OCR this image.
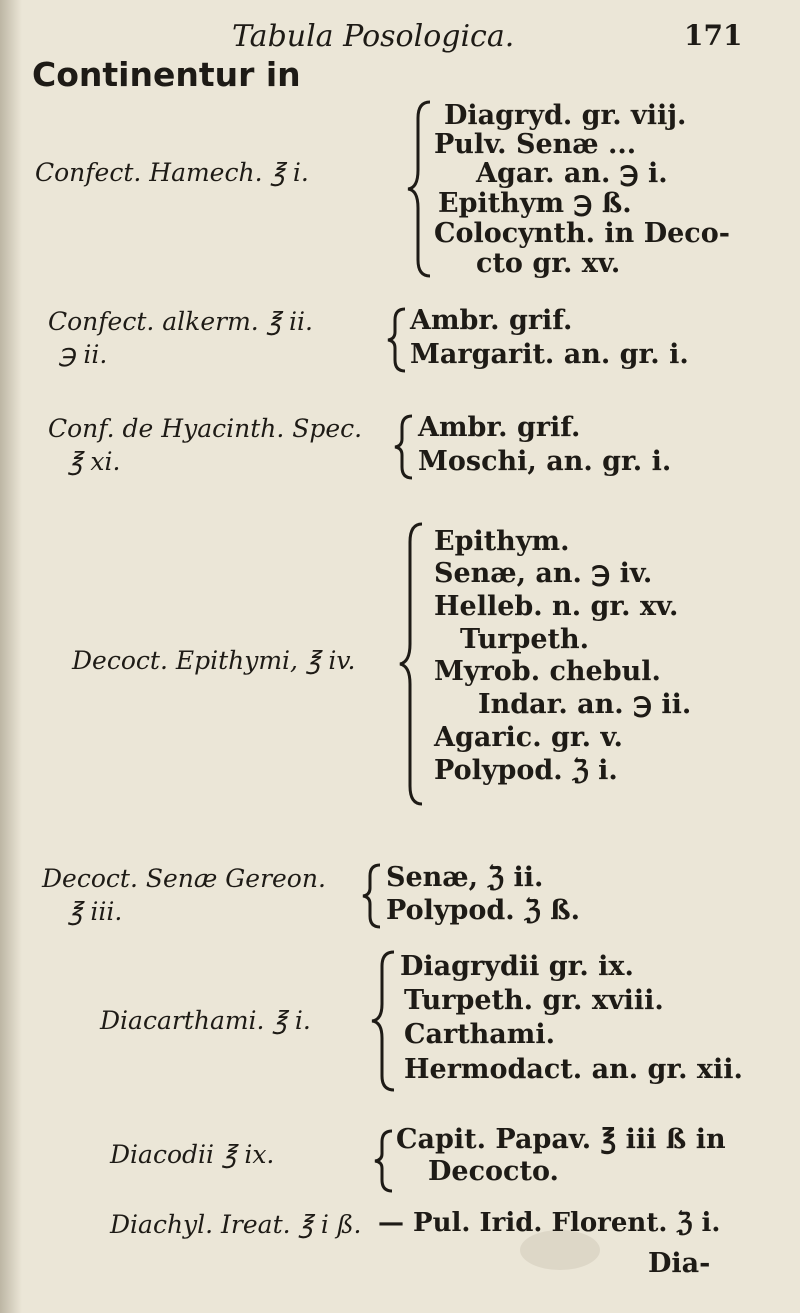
Tabula Posologica.	171
Continentur in
Confect. Hamech. ℥ i.
Diagryd. gr. viij.
Pulv. Senæ ...
Agar. an. ℈ i.
Epithym ℈ ß.
Colocynth. in Deco-
cto gr. xv.
Confect. alkerm. ℥ ii.
℈ ii.
Ambr. grif.
Margarit. an. gr. i.
Conf. de Hyacinth. Spec.
℥ xi.
Ambr. grif.
Moschi, an. gr. i.
Decoct. Epithymi, ℥ iv.
Epithym.
Senæ, an. ℈ iv.
Helleb. n. gr. xv.
Turpeth.
Myrob. chebul.
Indar. an. ℈ ii.
Agaric. gr. v.
Polypod. ℨ i.
Decoct. Senæ Gereon.
℥ iii.
Senæ, ℨ ii.
Polypod. ℨ ß.
Diacarthami. ℥ i.
Diagrydii gr. ix.
Turpeth. gr. xviii.
Carthami.
Hermodact. an. gr. xii.
Diacodii ℥ ix.	Capit. Papav. ℥ iii ß in
Decocto.
Diachyl. Ireat. ℥ i ß. — Pul. Irid. Florent. ℨ i.
Dia-
